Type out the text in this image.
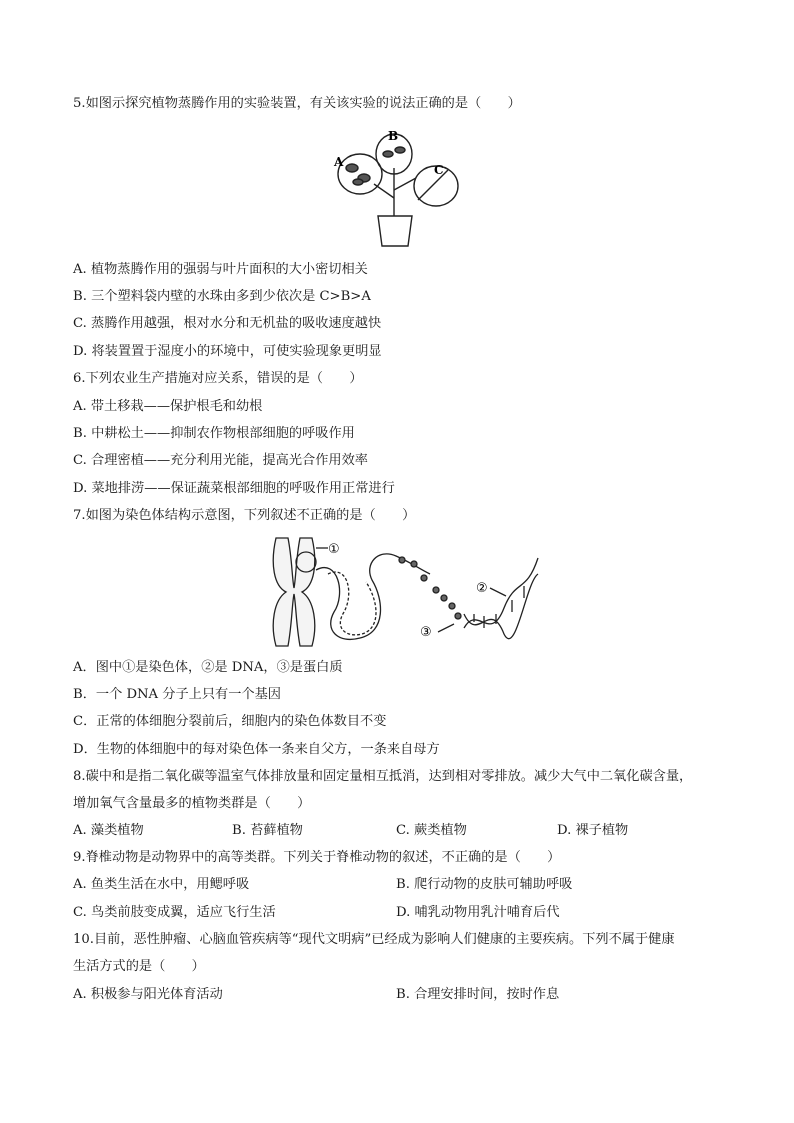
5.如图示探究植物蒸腾作用的实验装置，有关该实验的说法正确的是（　　）
A
B
C
A. 植物蒸腾作用的强弱与叶片面积的大小密切相关
B. 三个塑料袋内壁的水珠由多到少依次是 C>B>A
C. 蒸腾作用越强，根对水分和无机盐的吸收速度越快
D. 将装置置于湿度小的环境中，可使实验现象更明显
6.下列农业生产措施对应关系，错误的是（　　）
A. 带土移栽——保护根毛和幼根
B. 中耕松土——抑制农作物根部细胞的呼吸作用
C. 合理密植——充分利用光能，提高光合作用效率
D. 菜地排涝——保证蔬菜根部细胞的呼吸作用正常进行
7.如图为染色体结构示意图，下列叙述不正确的是（　　）
①
②
③
A．图中①是染色体，②是 DNA，③是蛋白质
B．一个 DNA 分子上只有一个基因
C．正常的体细胞分裂前后，细胞内的染色体数目不变
D．生物的体细胞中的每对染色体一条来自父方，一条来自母方
8.碳中和是指二氧化碳等温室气体排放量和固定量相互抵消，达到相对零排放。减少大气中二氧化碳含量，
增加氧气含量最多的植物类群是（　　）
A. 藻类植物	B. 苔藓植物	C. 蕨类植物	D. 裸子植物
9.脊椎动物是动物界中的高等类群。下列关于脊椎动物的叙述，不正确的是（　　）
A. 鱼类生活在水中，用鳃呼吸	B. 爬行动物的皮肤可辅助呼吸
C. 鸟类前肢变成翼，适应飞行生活	D. 哺乳动物用乳汁哺育后代
10.目前，恶性肿瘤、心脑血管疾病等“现代文明病”已经成为影响人们健康的主要疾病。下列不属于健康
生活方式的是（　　）
A. 积极参与阳光体育活动	B. 合理安排时间，按时作息
